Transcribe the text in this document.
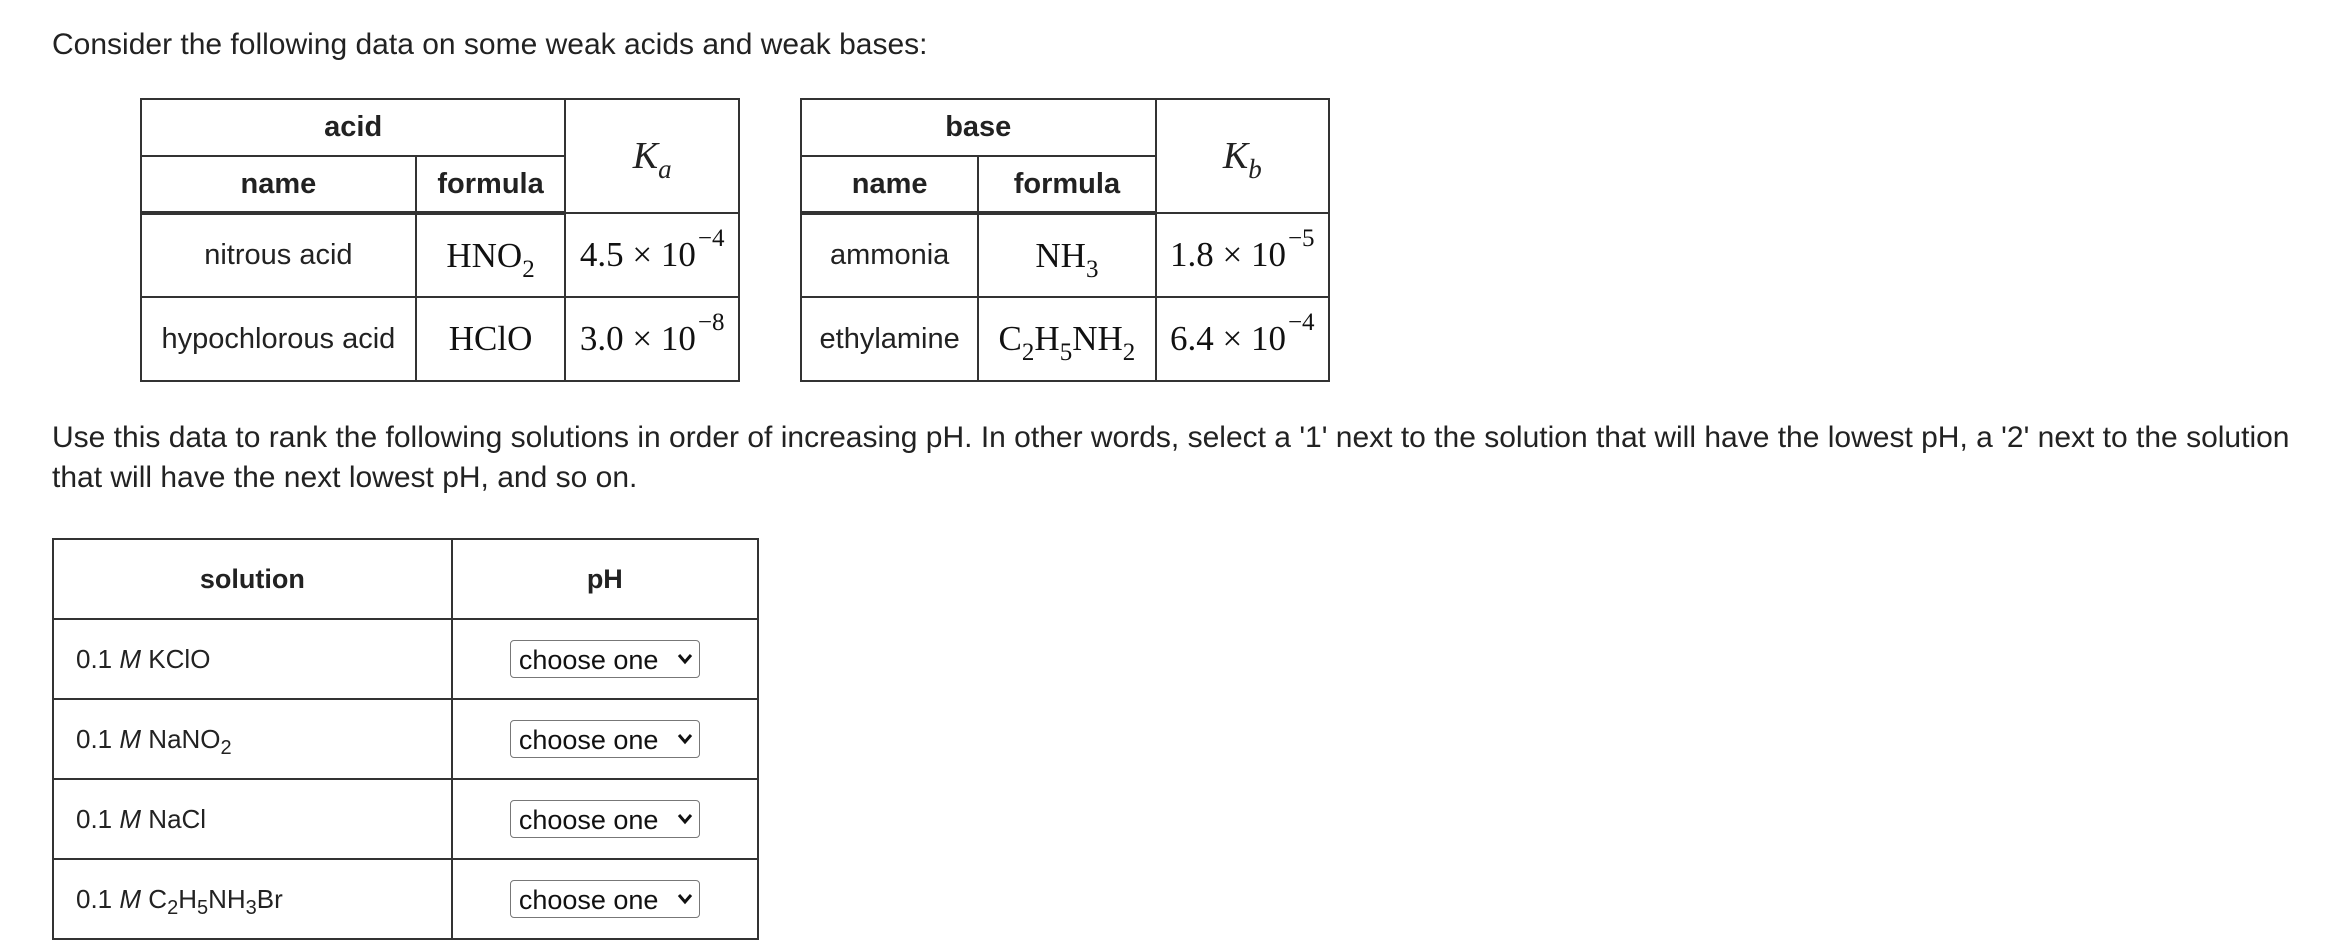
Consider the following data on some weak acids and weak bases:
acid		$K_a$
name	formula	
nitrous acid	$HNO_2$	$4.5 \times 10^{-4}$
hypochlorous acid	HClO	$3.0 \times 10^{-8}$
base		$K_b$
name	formula	
ammonia	$NH_3$	$1.8 \times 10^{-5}$
ethylamine	$C_2H_5NH_2$	$6.4 \times 10^{-4}$
Use this data to rank the following solutions in order of increasing pH. In other words, select a '1' next to the solution that will have the lowest pH, a '2' next to the solution that will have the next lowest pH, and so on.
solution	pH
0.1 M KClO	choose one

0.1 M NaNO$_2$	choose one

0.1 M NaCl	choose one

0.1 M $C_2H_5NH_3Br$	choose one
